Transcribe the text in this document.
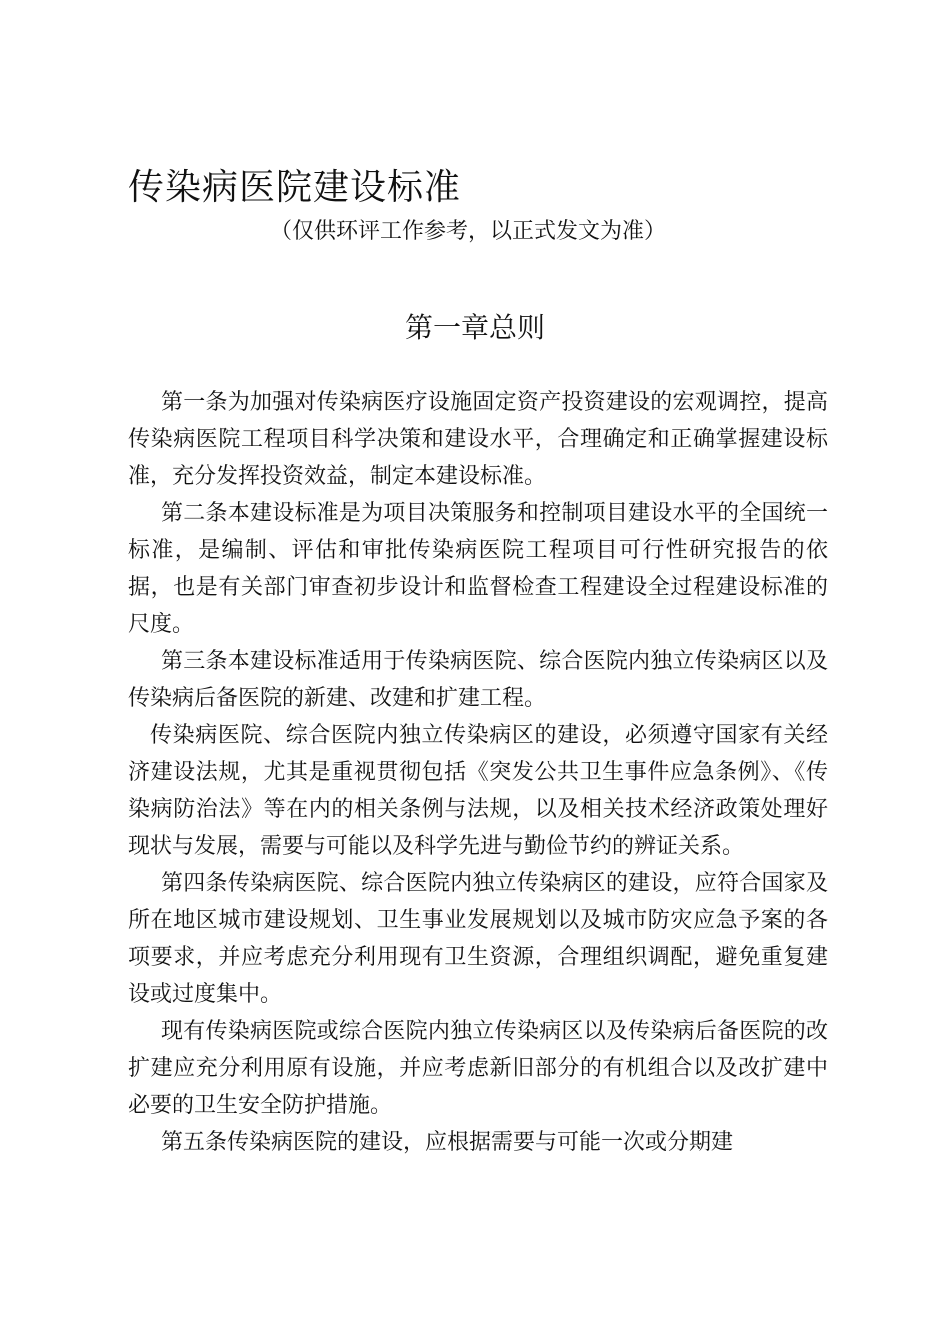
传染病医院建设标准
（仅供环评工作参考，以正式发文为准）
第一章总则

第一条为加强对传染病医疗设施固定资产投资建设的宏观调控，提高传染病医院工程项目科学决策和建设水平，合理确定和正确掌握建设标准，充分发挥投资效益，制定本建设标准。

第二条本建设标准是为项目决策服务和控制项目建设水平的全国统一标准，是编制、评估和审批传染病医院工程项目可行性研究报告的依据，也是有关部门审查初步设计和监督检查工程建设全过程建设标准的尺度。

第三条本建设标准适用于传染病医院、综合医院内独立传染病区以及传染病后备医院的新建、改建和扩建工程。

传染病医院、综合医院内独立传染病区的建设，必须遵守国家有关经济建设法规，尤其是重视贯彻包括《突发公共卫生事件应急条例》、《传染病防治法》等在内的相关条例与法规，以及相关技术经济政策处理好现状与发展，需要与可能以及科学先进与勤俭节约的辨证关系。

第四条传染病医院、综合医院内独立传染病区的建设，应符合国家及所在地区城市建设规划、卫生事业发展规划以及城市防灾应急予案的各项要求，并应考虑充分利用现有卫生资源，合理组织调配，避免重复建设或过度集中。

现有传染病医院或综合医院内独立传染病区以及传染病后备医院的改扩建应充分利用原有设施，并应考虑新旧部分的有机组合以及改扩建中必要的卫生安全防护措施。

第五条传染病医院的建设，应根据需要与可能一次或分期建
